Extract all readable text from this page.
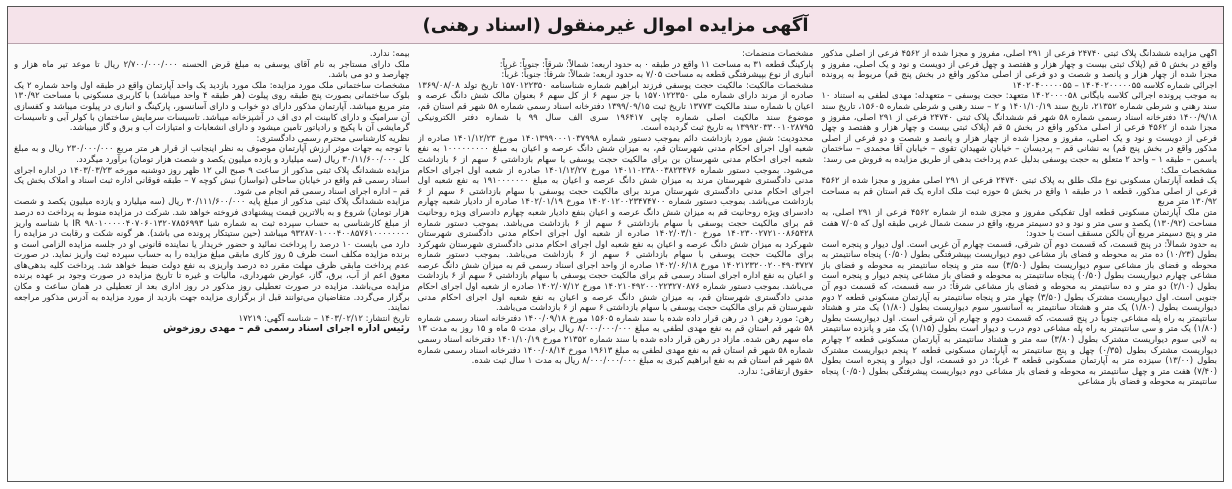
آگهی مزایده اموال غیرمنقول (اسناد رهنی)

آگهی مزایده ششدانگ پلاک ثبتی ۲۴۷۴۰ فرعی از ۲۹۱ اصلی، مفروز و مجزا شده از ۴۵۶۲ فرعی از اصلی مذکور واقع در بخش ۵ قم (پلاک ثبتی بیست و چهار هزار و هفتصد و چهل فرعی از دویست و نود و یک اصلی، مفروز و مجزا شده از چهار هزار و پانصد و شصت و دو فرعی از اصلی مذکور واقع در بخش پنج قم) مربوط به پرونده اجرائی شماره کلاسه ۱۴۰۴۰۲۰۰۰۰۰۵۵ – ۱۴۰۲۰۴۰۰۰۰۰۵۵

به موجب پرونده اجرائی کلاسه بایگانی ۱۴۰۲۰۰۰۰۵۸ متعهد: حجت یوسفی – متعهدله: مهدی لطفی به استناد ۱۰ سند رهنی و شرطی شماره ۲۱۳۵۲، تاریخ سند ۱۴۰۱/۱۰/۱۹ و ۲ – سند رهنی و شرطی شماره ۱۵۶۰۵، تاریخ سند ۱۴۰۰/۹/۱۸ دفترخانه اسناد رسمی شماره ۵۸ شهر قم ششدانگ پلاک ثبتی ۲۴۷۴۰ فرعی از ۲۹۱ اصلی، مفروز و مجزا شده از ۴۵۶۲ فرعی از اصلی مذکور واقع در بخش ۵ قم (پلاک ثبتی بیست و چهار هزار و هفتصد و چهل فرعی از دویست و نود و یک اصلی، مفروز و مجزا شده از چهار هزار و پانصد و شصت و دو فرعی از اصلی مذکور واقع در بخش پنج قم) به نشانی قم – پردیسان – خیابان شهیدان تقوی – خیابان آقا محمدی – ساختمان یاسمن – طبقه ۱ – واحد ۲ متعلق به حجت یوسفی بدلیل عدم پرداخت بدهی از طریق مزایده به فروش می رسد:

مشخصات ملک:

یک قطعه آپارتمان مسکونی نوع ملک طلق به پلاک ثبتی ۲۴۷۴۰ فرعی از ۲۹۱ اصلی مفروز و مجزا شده از ۴۵۶۲ فرعی از اصلی مذکور، قطعه ۱ در طبقه ۱ واقع در بخش ۵ حوزه ثبت ملک اداره یک قم استان قم به مساحت ۱۳۰/۹۲ متر مربع

متن ملک آپارتمان مسکونی قطعه اول تفکیکی مفروز و مجزی شده از شماره ۴۵۶۲ فرعی از ۲۹۱ اصلی، به مساحت (۱۳۰/۹۲) یکصد و سی متر و نود و دو دسیمتر مربع، واقع در سمت شمال غربی طبقه اول که ۷/۰۵ هفت متر و پنج دسیمتر مربع آن بالکن مسقف است با حدود:

به حدود شمالاً: در پنج قسمت، که قسمت دوم آن شرقی، قسمت چهارم آن غربی است. اول دیوار و پنجره است بطول (۱۰/۲۳) ده متر به محوطه و فضای باز مشاعی دوم دیواریست بپیشرفتگی بطول (۰/۵۰) پنجاه سانتیمتر به محوطه و فضای باز مشاعی سوم دیواریست بطول (۳/۵۰) سه متر و پنجاه سانتیمتر به محوطه و فضای باز مشاعی چهارم دیواریست بطول (۰/۵۰) پنجاه سانتیمتر به محوطه و فضای باز مشاعی پنجم دیوار و پنجره است بطول (۲/۱۰) دو متر و ده سانتیمتر به محوطه و فضای باز مشاعی شرقاً: در سه قسمت، که قسمت دوم آن جنوبی است. اول دیواریست مشترک بطول (۳/۵۰) چهار متر و پنجاه سانتیمتر به آپارتمان مسکونی قطعه ۲ دوم دیواریست بطول (۱/۸۰) یک متر و هشتاد سانتیمتر به آسانسور سوم دیواریست بطول (۱/۸۰) یک متر و هشتاد سانتیمتر به راه پله مشاعی جنوباً در پنج قسمت، که قسمت دوم و چهارم آن شرقی است. اول دیواریست بطول (۱/۸۰) یک متر و سی سانتیمتر به راه پله مشاعی دوم درب و دیوار است بطول (۱/۱۵) یک متر و پانزده سانتیمتر به لابی سوم دیواریست مشترک بطول (۳/۸۰) سه متر و هشتاد سانتیمتر به آپارتمان مسکونی قطعه ۲ چهارم دیواریست مشترک بطول (۰/۳۵) چهل و پنج سانتیمتر به آپارتمان مسکونی قطعه ۲ پنجم دیواریست مشترک بطول (۱۳/۰۰) سیزده متر به آپارتمان مسکونی قطعه ۳ غرباً: در دو قسمت، اول دیوار و پنجره است بطول (۷/۴۰) هفت متر و چهل سانتیمتر به محوطه و فضای باز مشاعی دوم دیواریست پیشرفتگی بطول (۰/۵۰) پنجاه سانتیمتر به محوطه و فضای باز مشاعی

مشخصات منضمات:

پارکینگ قطعه ۳۱ به مساحت ۱۱ واقع در طبقه ۰ به حدود اربعه: شمالاً: شرقاً: جنوباً: غرباً:

انباری از نوع بپیشرفتگی قطعه به مساحت ۷/۰۵ به حدود اربعه: شمالاً: شرقاً: جنوباً: غرباً:

مشخصات مالکیت: مالکیت حجت یوسفی فرزند ابراهیم شماره شناسنامه ۱۵۷۰۱۲۲۳۵۰ تاریخ تولد ۱۳۶۹/۰۸/۰۸ صادره از مرند دارای شماره ملی ۱۵۷۰۱۲۲۳۵۰ با جز سهم ۶ از کل سهم ۶ بعنوان مالک شش دانگ عرصه و اعیان با شماره سند مالکیت ۱۳۷۷۳ تاریخ ثبت ۱۳۹۹/۰۹/۱۵ دفترخانه اسناد رسمی شماره ۵۸ شهر قم استان قم، موضوع سند مالکیت اصلی شماره چاپی ۱۹۶۴۱۷ سری الف سال ۹۹ با شماره دفتر الکترونیکی ۱۳۹۹۲۰۳۳۰۰۱۰۲۸۷۹۵ به تاریخ ثبت گردیده است.

محدودیت: شش مورد بازداشت دائم بموجب دستور شماره ۱۴۰۱۳۹۹۰۰۰۱۰۳۷۹۹۸ مورخ ۱۴۰۱/۱۲/۲۳ صادره از شعبه اول اجرای احکام مدنی شهرستان قم، به میزان شش دانگ عرصه و اعیان به مبلغ ۱۰۰۰۰۰۰۰۰۰ به نفع شعبه اجرای احکام مدنی شهرستان بن برای مالکیت حجت یوسفی با سهام بازداشتی ۶ سهم از ۶ بازداشت می‌شود. بموجب دستور شماره ۱۴۰۱۱۰۲۳۸۰۰۳۸۲۳۴۷۶ مورخ ۱۴۰۱/۱۲/۲۷ صادره از شعبه اول اجرای احکام مدنی دادگستری شهرستان مرند به میزان شش دانگ عرصه و اعیان به مبلغ ۱۹۱۰۰۰۰۰۰۰ به نفع شعبه اول اجرای احکام مدنی دادگستری شهرستان مرند برای مالکیت حجت یوسفی با سهام بازداشتی ۶ سهم از ۶ بازداشت می‌باشد. بموجب دستور شماره ۱۴۰۲۰۱۲۰۰۲۳۴۷۴۷۰۰ مورخ ۱۴۰۲/۰۱/۱۹ صادره از دادیار شعبه چهارم دادسرای ویژه روحانیت قم به میزان شش دانگ عرصه و اعیان بنفع دادیار شعبه چهارم دادسرای ویژه روحانیت قم برای مالکیت حجت یوسفی با سهام بازداشتی ۶ سهم از ۶ بازداشت می‌باشد. بموجب دستور شماره ۱۴۰۲۳۰۰۲۷۲۱۰۰۸۶۵۴۲۸ مورخ ۱۴۰۲/۰۳/۱۰ صادره از شعبه اول اجرای احکام مدنی دادگستری شهرستان شهرکرد به میزان شش دانگ عرصه و اعیان به نفع شعبه اول اجرای احکام مدنی دادگستری شهرستان شهرکرد برای مالکیت حجت یوسفی با سهام بازداشتی ۶ سهم از ۶ بازداشت می‌باشد. بموجب دستور شماره ۱۴۰۲۱۲۳۲۰۰۲۰۰۴۹۰۳۷۲۷ مورخ ۱۴۰۲/۰۶/۱۸ صادره از واحد اجرای اسناد رسمی قم به میزان شش دانگ عرصه و اعیان به نفع اداره اجرای اسناد رسمی قم برای مالکیت حجت یوسفی با سهام بازداشتی ۶ سهم از ۶ بازداشت می‌باشد. بموجب دستور شماره ۱۴۰۲۱۰۴۹۲۰۰۰۲۲۳۲۷۰۸۷۶ مورخ ۱۴۰۲/۰۷/۱۲ صادره از شعبه اول اجرای احکام مدنی دادگستری شهرستان قم، به میزان شش دانگ عرصه و اعیان به نفع شعبه اول اجرای احکام مدنی شهرستان قم برای مالکیت حجت یوسفی با سهام بازداشتی ۶ سهم از ۶ بازداشت می‌باشد.

رهن: مورد رهن ۱ در رهن قرار داده شده با سند شماره ۱۵۶۰۵ مورخ ۱۴۰۰/۰۹/۱۸ دفترخانه اسناد رسمی شماره ۵۸ شهر قم استان قم به نفع مهدی لطفی به مبلغ ۸/۰۰۰/۰۰۰/۰۰۰ ریال برای مدت ۵ ماه و ۱۵ روز به مدت ۱۳ ماه سهم رهن شده. مازاد در رهن قرار داده شده با سند شماره ۲۱۳۵۲ مورخ ۱۴۰۱/۱۰/۱۹ دفترخانه اسناد رسمی شماره ۵۸ شهر قم استان قم به نفع مهدی لطفی به مبلغ ۱۹۶۱۳ مورخ ۱۴۰۰/۰۸/۱۴ دفترخانه اسناد رسمی شماره ۵۸ شهر قم استان قم به نفع ابراهیم کبری به مبلغ ۸/۰۰۰/۰۰۰/۰۰۰ ریال به مدت ۱ سال ثبت شده.

حقوق ارتفاقی: ندارد.

بیمه: ندارد.

ملک دارای مستاجر به نام آقای یوسفی به مبلغ قرض الحسنه ۲/۷۰۰/۰۰۰/۰۰۰ ریال تا موعد تیر ماه هزار و چهارصد و دو می باشد.

مشخصات ساختمانی ملک مورد مزایده: ملک مورد بازدید یک واحد آپارتمان واقع در طبقه اول واحد شماره ۲ یک بلوک ساختمانی بصورت پنج طبقه روی پیلوت (هر طبقه ۴ واحد میباشد) با کاربری مسکونی با مساحت ۱۳۰/۹۲ متر مربع میباشد. آپارتمان مذکور دارای دو خواب و دارای آسانسور، پارکینگ و انباری در پیلوت میباشد و کفسازی آن سرامیک و دارای کابینت ام دی اف در آشپزخانه میباشد. تاسیسات سرمایش ساختمان با کولر آبی و تاسیسات گرمایشی آن با پکیج و رادیاتور تامین میشود و دارای انشعابات و امتیازات آب و برق و گاز میباشد.

نظریه کارشناسی محترم رسمی دادگستری:

با توجه به جهات موثر ارزش آپارتمان موصوف به نظر اینجانب از قرار هر متر مربع ۲۳۰/۰۰۰/۰۰۰ ریال و به مبلغ کل ۳۰/۱۱/۶۰۰/۰۰۰ ریال (سه میلیارد و یازده میلیون یکصد و شصت هزار تومان) برآورد میگردد.

مزایده ششدانگ پلاک ثبتی مذکور از ساعت ۹ صبح الی ۱۲ ظهر روز دوشنبه مورخه ۱۴۰۳/۰۳/۲۳ در اداره اجرای اسناد رسمی قم واقع در خیابان ساحلی (نواساز) نبش کوچه ۷ – طبقه فوقانی اداره ثبت اسناد و املاک بخش یک قم – اداره اجرای اسناد رسمی قم انجام می شود.

مزایده ششدانگ پلاک ثبتی مذکور از مبلغ پایه ۳۰/۱۱۱/۶۰۰/۰۰۰ ریال (سه میلیارد و یازده میلیون یکصد و شصت هزار تومان) شروع و به بالاترین قیمت پیشنهادی فروخته خواهد شد. شرکت در مزایده منوط به پرداخت ده درصد از مبلغ کارشناسی به حساب سپرده ثبت به شماره شبا IR ۹۸۰۱۰۰۰۰۰۴۰۷۰۶۰۱۳۲۰۷۸۵۶۹۹۳ با شناسه واریز ۹۳۲۸۷۰۱۰۰۰۴۰۰۸۵۷۶۱۰۰۰۰۰۰۰۰ میباشد (حین ستیتکار پرونده می باشد). هر گونه شکت و رقابت در مزایده را دارد می بایست ۱۰ درصد را پرداخت نمائید و حضور خریدار یا نماینده قانونی او در جلسه مزایده الزامی است و برنده مزایده مکلف است ظرف ۵ روز کاری مابقی مبلغ مزایده را به حساب سپرده ثبت واریز نماید. در صورت عدم پرداخت مابقی ظرف مهلت مقرر ده درصد واریزی به نفع دولت ضبط خواهد شد. پرداخت کلیه بدهی‌های معوق اعم از آب، برق، گاز، عوارض شهرداری، مالیات و غیره تا تاریخ مزایده در صورت وجود بر عهده برنده مزایده می‌باشد. مزایده در صورت تعطیلی روز مذکور در روز اداری بعد از تعطیلی در همان ساعت و مکان برگزار می‌گردد. متقاضیان می‌توانند قبل از برگزاری مزایده جهت بازدید از مورد مزایده به آدرس مذکور مراجعه نمایند.

تاریخ انتشار: ۱۴۰۳/۰۲/۱۲ – شناسه آگهی: ۱۷۲۱۹

رئیس اداره اجرای اسناد رسمی قم – مهدی روزخوش
